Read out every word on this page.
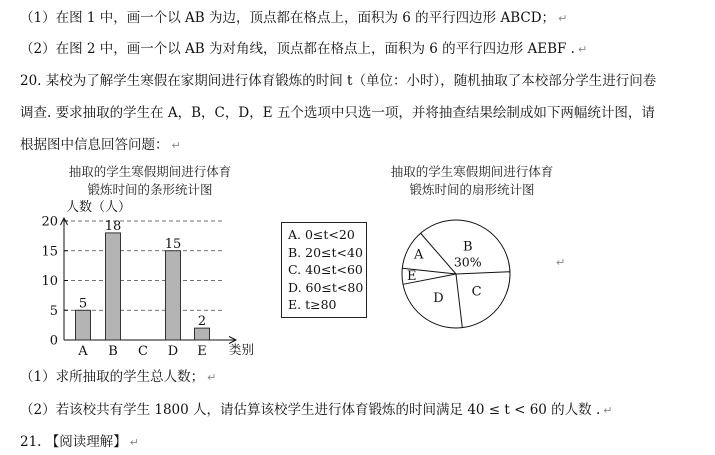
（1）在图 1 中，画一个以 AB 为边，顶点都在格点上，面积为 6 的平行四边形 ABCD； ↵
（2）在图 2 中，画一个以 AB 为对角线，顶点都在格点上，面积为 6 的平行四边形 AEBF . ↵
20. 某校为了解学生寒假在家期间进行体育锻炼的时间 t（单位：小时），随机抽取了本校部分学生进行问卷
调查. 要求抽取的学生在 A，B，C，D，E 五个选项中只选一项，并将抽查结果绘制成如下两幅统计图，请
根据图中信息回答问题： ↵
抽取的学生寒假期间进行体育
锻炼时间的条形统计图
抽取的学生寒假期间进行体育
锻炼时间的扇形统计图
0
5
10
15
20
人数（人）
类别
5
A
18
B C
15
D
2
E
A. 0≤t<20
B. 20≤t<40
C. 40≤t<60
D. 60≤t<80
E. t≥80
E
A
B
30%
C
D
↵
（1）求所抽取的学生总人数； ↵
（2）若该校共有学生 1800 人，请估算该校学生进行体育锻炼的时间满足 40 ≤ t < 60 的人数 . ↵
21. 【阅读理解】 ↵
